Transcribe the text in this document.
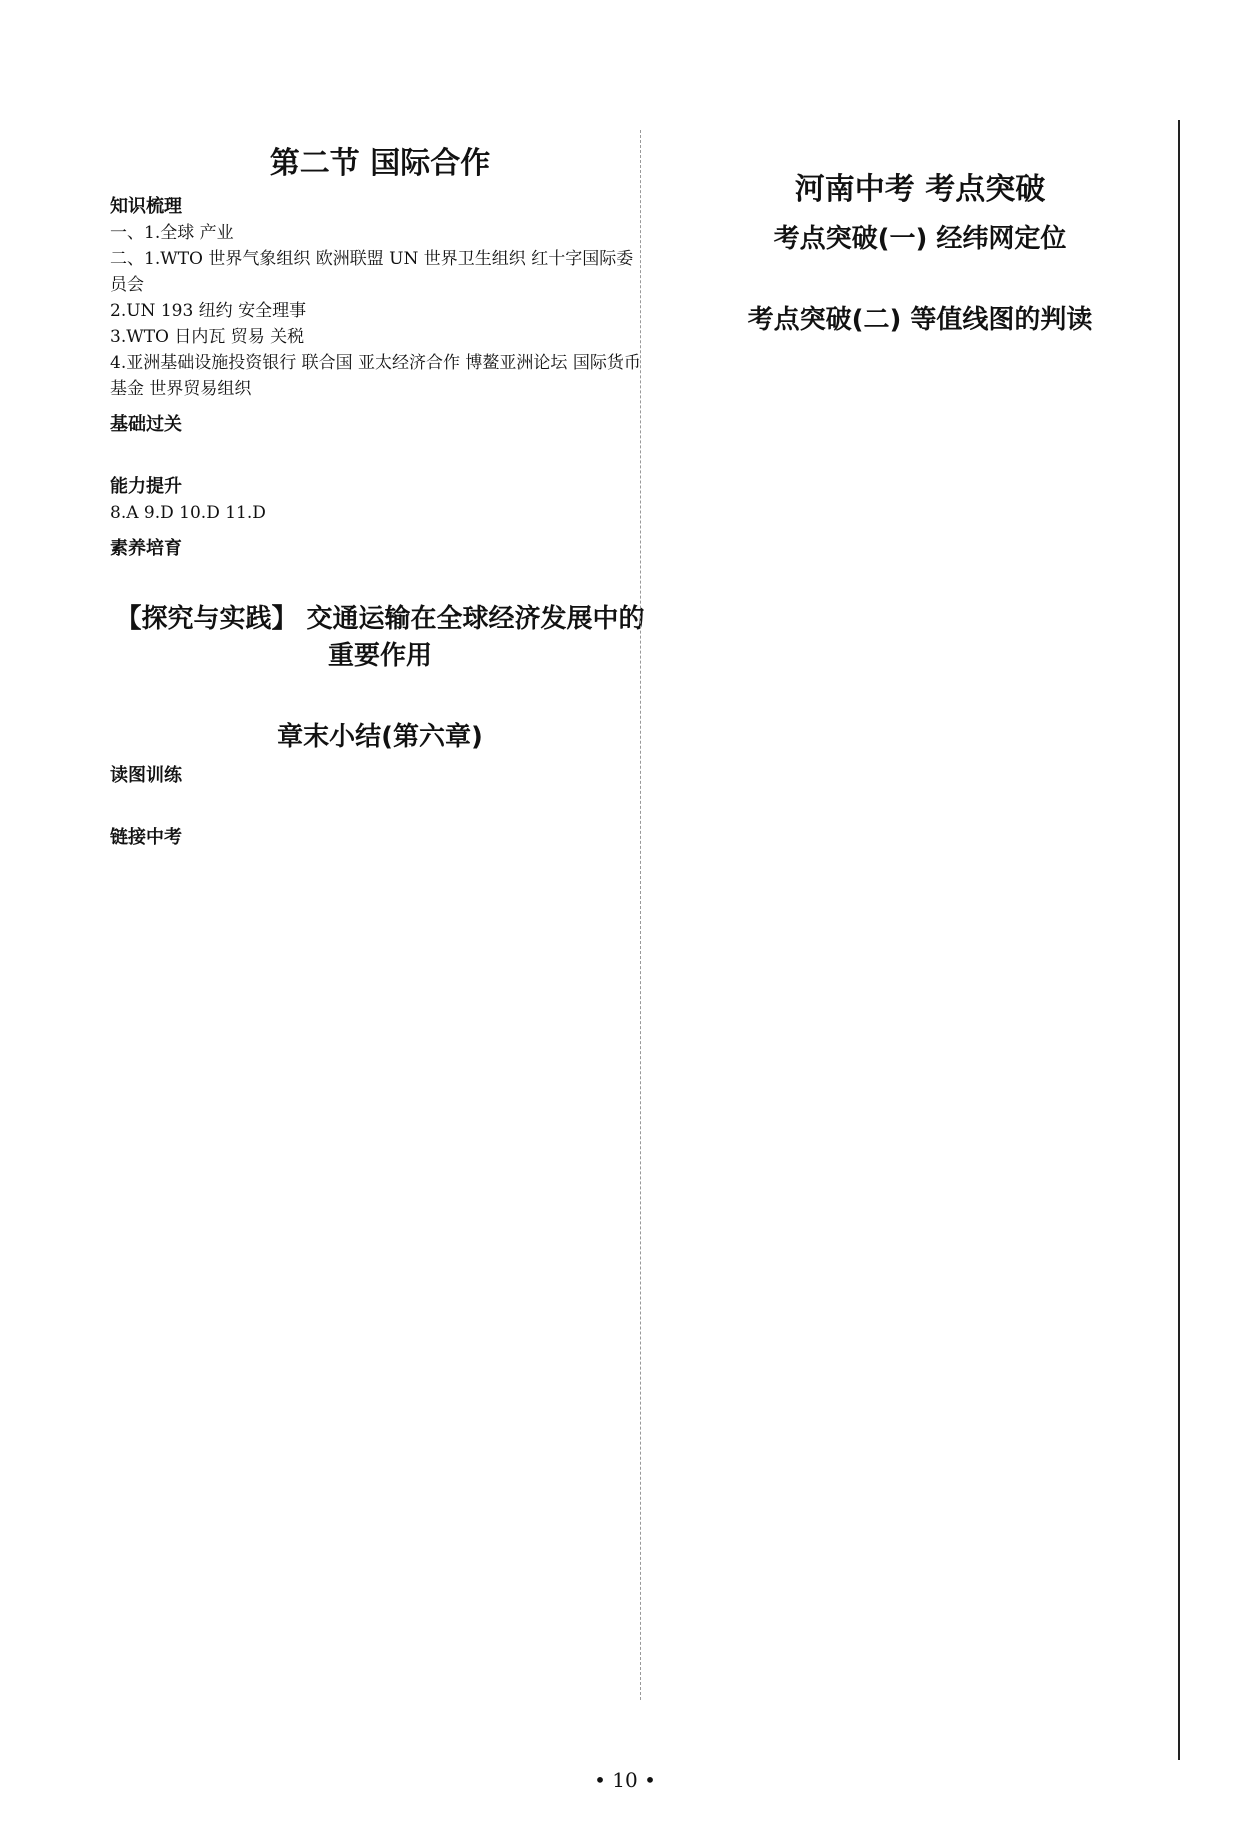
第二节 国际合作
知识梳理
一、1.全球 产业
二、1.WTO 世界气象组织 欧洲联盟 UN 世界卫生组织 红十字国际委员会
2.UN 193 纽约 安全理事
3.WTO 日内瓦 贸易 关税
4.亚洲基础设施投资银行 联合国 亚太经济合作 博鳌亚洲论坛 国际货币基金 世界贸易组织
基础过关
能力提升
8.A 9.D 10.D 11.D
素养培育
【探究与实践】 交通运输在全球经济发展中的重要作用
章末小结(第六章)
读图训练
链接中考
河南中考 考点突破
考点突破(一) 经纬网定位
考点突破(二) 等值线图的判读
• 10 •
